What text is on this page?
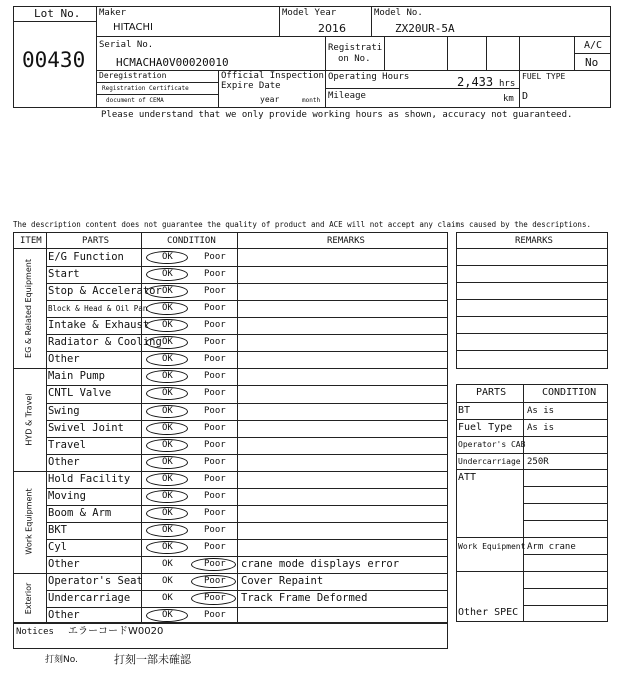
Lot No.
00430
Maker
HITACHI
Model Year
2016
Model No.
ZX20UR-5A
Serial No.
HCMACHA0V00020010
Registrati
on No.
A/C
No
Deregistration
Registration Certificate
document of CEMA
Official Inspection
Expire Date
year	month
Operating Hours	2,433 hrs
Mileage	km
FUEL TYPE
D
Please understand that we only provide working hours as shown, accuracy not guaranteed.
The description content does not guarantee the quality of product and ACE will not accept any claims caused by the descriptions.
ITEM	PARTS	CONDITION	REMARKS
E/G Function	OK	Poor
Start	OK	Poor
Stop & Accelerator OK	Poor
Block & Head & Oil Pan OK	Poor
Intake & Exhaust OK	Poor
Radiator & Cooling OK	Poor
Other	OK	Poor
Main Pump	OK	Poor
CNTL Valve	OK	Poor
Swing	OK	Poor
Swivel Joint	OK	Poor
Travel	OK	Poor
Other	OK	Poor
Hold Facility	OK	Poor
Moving	OK	Poor
Boom & Arm	OK	Poor
BKT	OK	Poor
Cyl	OK	Poor
Other	OK	Poor crane mode displays error
Operator's Seat OK	Poor Cover Repaint
Undercarriage	OK	Poor Track Frame Deformed
Other	OK	Poor
EG & Related Equipment
HYD & Travel
Work Equipment
Exterior
Notices エラーコードW0020
打刻No.	打刻一部未確認
REMARKS
PARTS	CONDITION
BT	As is
Fuel Type As is
Operator's CAB
Undercarriage 250R
ATT
Work Equipment Arm crane
Other SPEC
